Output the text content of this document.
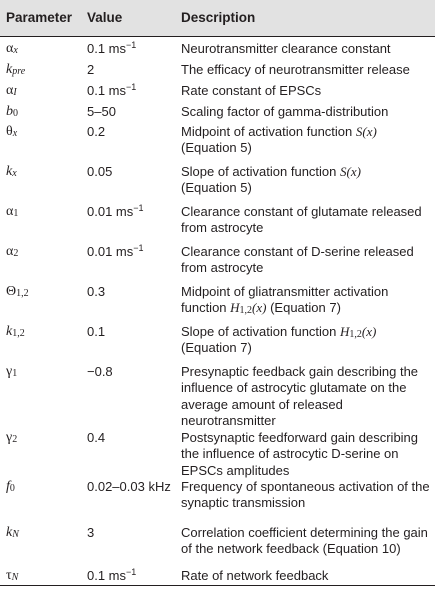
Parameter Value	Description
$\alpha_x$	0.1 $ms^{-1}$	Neurotransmitter clearance constant
$k_{pre}$	2	The efficacy of neurotransmitter release
$\alpha_I$	0.1 $ms^{-1}$	Rate constant of EPSCs
$b_0$	5–50	Scaling factor of gamma-distribution
$\theta_x$	0.2	Midpoint of activation function S(x)
(Equation 5)
$k_x$	0.05	Slope of activation function S(x)
(Equation 5)
$\alpha_1$	0.01 $ms^{-1}$	Clearance constant of glutamate released
from astrocyte
$\alpha_2$	0.01 $ms^{-1}$	Clearance constant of D-serine released
from astrocyte
$\Theta_{1,2}$	0.3	Midpoint of gliatransmitter activation
function $H_{1,2}(x)$ (Equation 7)
$k_{1,2}$	0.1	Slope of activation function $H_{1,2}(x)$
(Equation 7)
$\gamma_1$	−0.8	Presynaptic feedback gain describing the
influence of astrocytic glutamate on the
average amount of released
neurotransmitter
$\gamma_2$	0.4	Postsynaptic feedforward gain describing
the influence of astrocytic D-serine on
EPSCs amplitudes
$f_0$	0.02–0.03 kHz Frequency of spontaneous activation of the
synaptic transmission
$k_N$	3	Correlation coefficient determining the gain
of the network feedback (Equation 10)
$\tau_N$	0.1 $ms^{-1}$	Rate of network feedback
